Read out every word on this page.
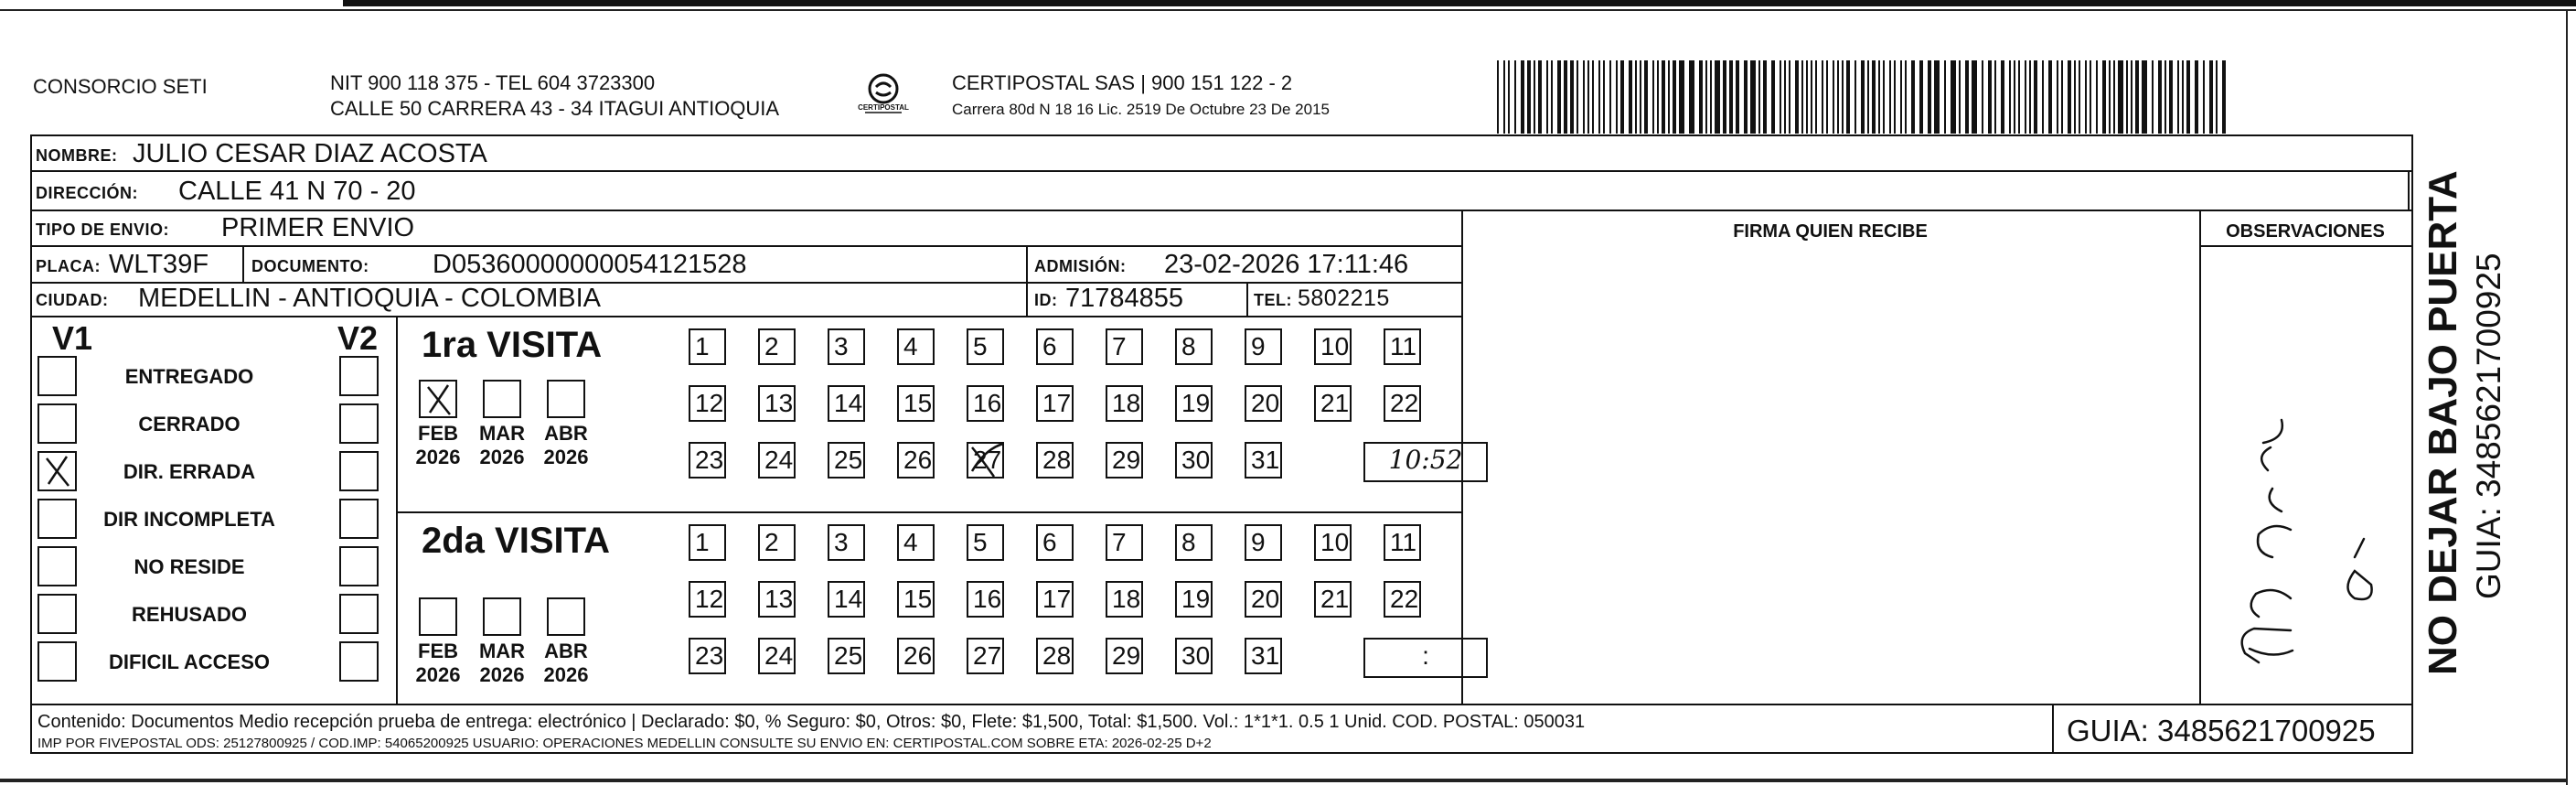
CONSORCIO SETI	NIT 900 118 375 - TEL 604 3723300
CALLE 50 CARRERA 43 - 34 ITAGUI ANTIOQUIA	CERTIPOSTAL
CERTIPOSTAL SAS | 900 151 122 - 2
Carrera 80d N 18 16 Lic. 2519 De Octubre 23 De 2015
NOMBRE: JULIO CESAR DIAZ ACOSTA
DIRECCIÓN: CALLE 41 N 70 - 20
TIPO DE ENVIO: PRIMER ENVIO	FIRMA QUIEN RECIBE	OBSERVACIONES
PLACA: WLT39F	DOCUMENTO: D05360000000054121528	ADMISIÓN: 23-02-2026 17:11:46
CIUDAD: MEDELLIN - ANTIOQUIA - COLOMBIA	ID: 71784855	TEL: 5802215
V1	V2
ENTREGADO
CERRADO
DIR. ERRADA
DIR INCOMPLETA
NO RESIDE
REHUSADO
DIFICIL ACCESO
1ra VISITA
FEB
2026
MAR
2026
ABR
2026
1	2	3	4	5	6	7	8	9	10 11
12 13 14 15 16 17 18 19 20 21 22
23 24 25 26 27 28 29 30 31	10:52
2da VISITA
FEB
2026
MAR
2026
ABR
2026
1	2	3	4	5	6	7	8	9	10 11
12 13 14 15 16 17 18 19 20 21 22
23 24 25 26 27 28 29 30 31	:
Contenido: Documentos Medio recepción prueba de entrega: electrónico | Declarado: $0, % Seguro: $0, Otros: $0, Flete: $1,500, Total: $1,500. Vol.: 1*1*1. 0.5 1 Unid. COD. POSTAL: 050031
IMP POR FIVEPOSTAL ODS: 25127800925 / COD.IMP: 54065200925 USUARIO: OPERACIONES MEDELLIN CONSULTE SU ENVIO EN: CERTIPOSTAL.COM SOBRE ETA: 2026-02-25 D+2	GUIA: 3485621700925
NO DEJAR BAJO PUERTA GUIA: 3485621700925
